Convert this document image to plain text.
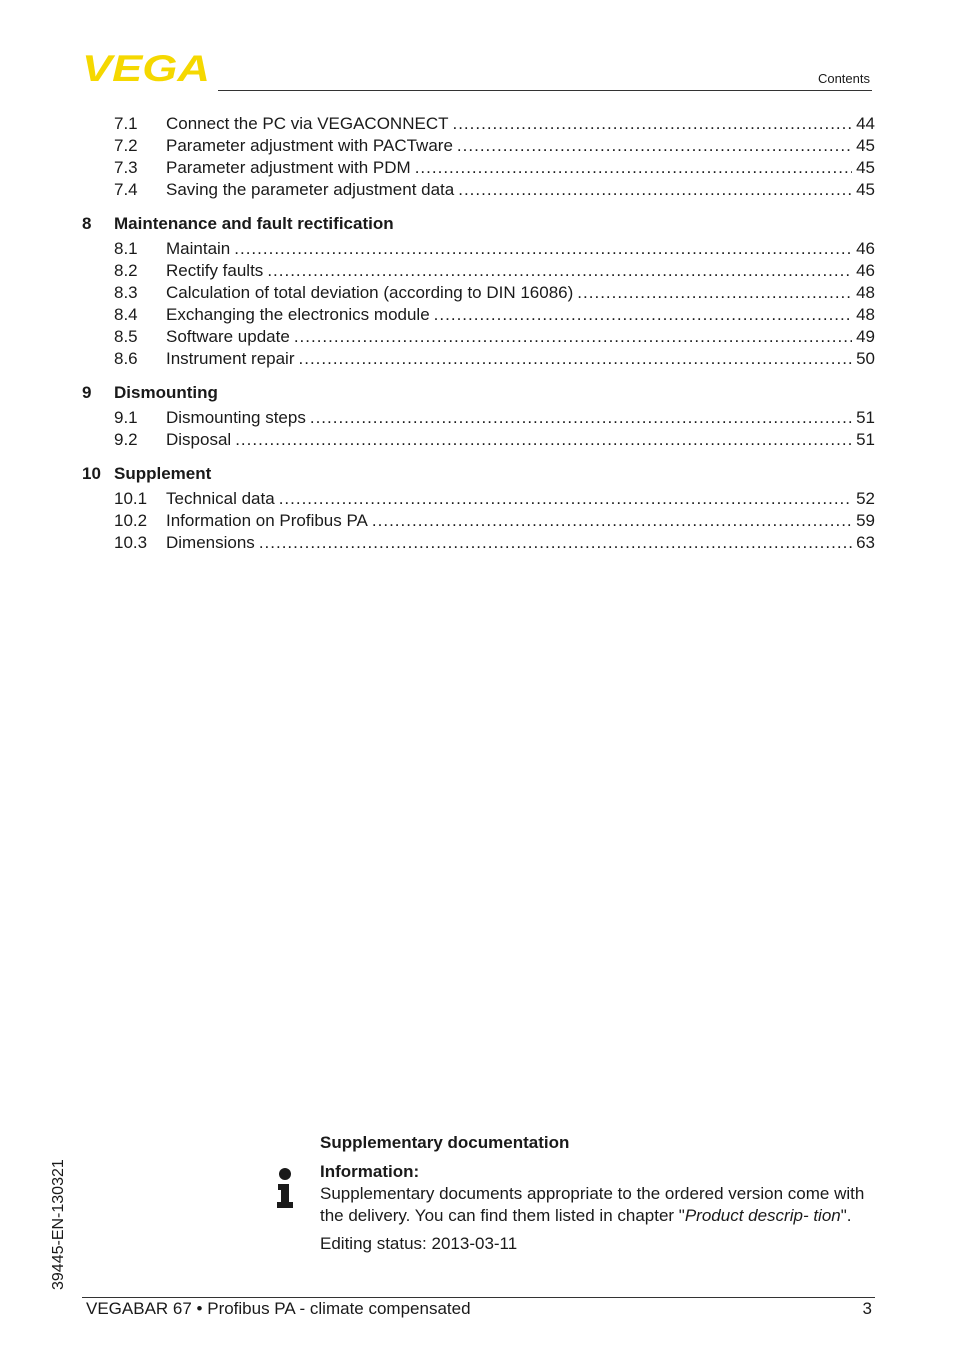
VEGA	Contents
7.1 Connect the PC via VEGACONNECT .....	44
7.2 Parameter adjustment with PACTware .....	45
7.3 Parameter adjustment with PDM .....	45
7.4 Saving the parameter adjustment data .....	45
8 Maintenance and fault rectification
8.1 Maintain .....	46
8.2 Rectify faults .....	46
8.3 Calculation of total deviation (according to DIN 16086) .....	48
8.4 Exchanging the electronics module .....	48
8.5 Software update .....	49
8.6 Instrument repair .....	50
9 Dismounting
9.1 Dismounting steps .....	51
9.2 Disposal .....	51
10 Supplement
10.1 Technical data .....	52
10.2 Information on Profibus PA .....	59
10.3 Dimensions .....	63
39445-EN-130321
Supplementary documentation
Information:
Supplementary documents appropriate to the ordered version come with the delivery. You can find them listed in chapter "Product descrip- tion".
Editing status: 2013-03-11
VEGABAR 67 • Profibus PA - climate compensated	3
